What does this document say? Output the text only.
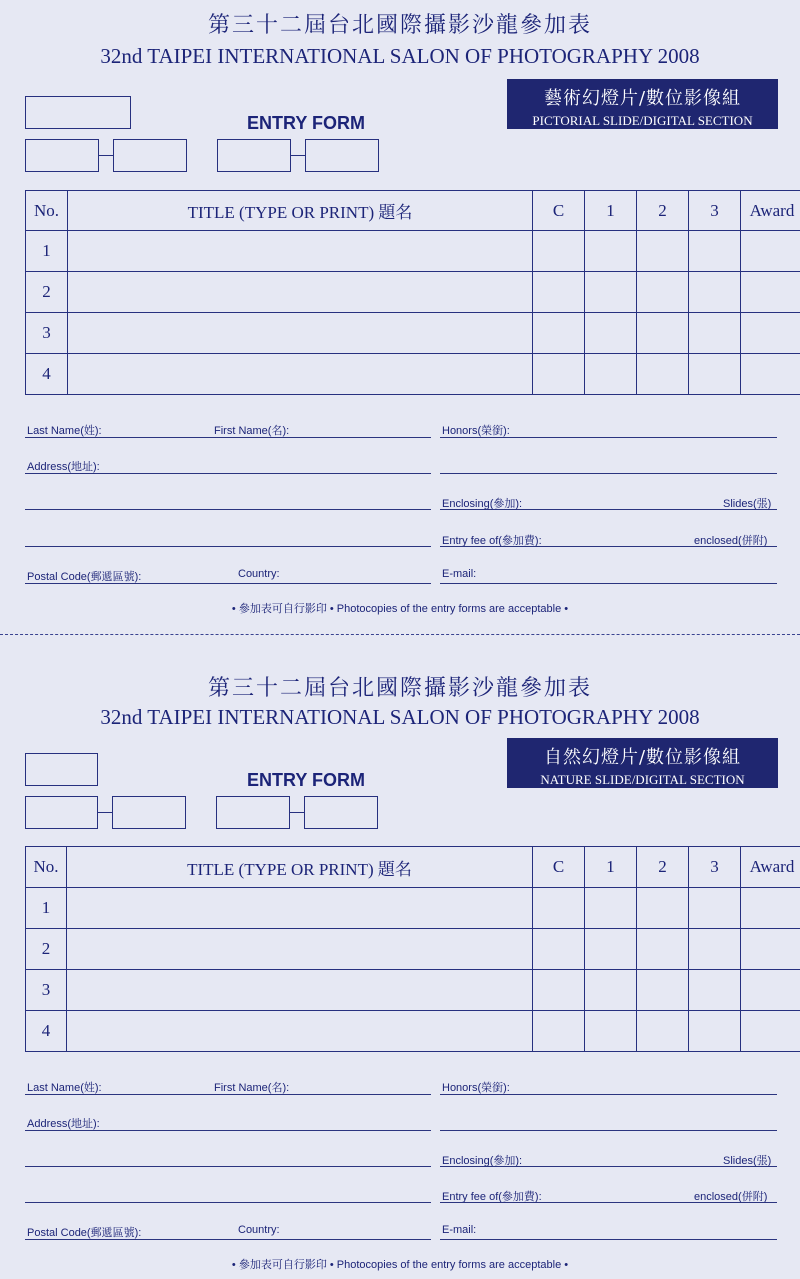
第三十二屆台北國際攝影沙龍參加表
32nd TAIPEI INTERNATIONAL SALON OF PHOTOGRAPHY 2008
藝術幻燈片/數位影像組
PICTORIAL SLIDE/DIGITAL SECTION
ENTRY FORM
No.	TITLE (TYPE OR PRINT) 題名	C	1	2	3	Award
1						
2						
3						
4						
Last Name(姓):	First Name(名):	Honors(榮銜):
Address(地址):
Enclosing(參加):	Slides(張)
Entry fee of(參加費):	enclosed(併附)
Postal Code(郵遞區號):	Country:	E-mail:
• 參加表可自行影印 • Photocopies of the entry forms are acceptable •
第三十二屆台北國際攝影沙龍參加表
32nd TAIPEI INTERNATIONAL SALON OF PHOTOGRAPHY 2008
自然幻燈片/數位影像組
NATURE SLIDE/DIGITAL SECTION
ENTRY FORM
No.	TITLE (TYPE OR PRINT) 題名	C	1	2	3	Award
1						
2						
3						
4						
Last Name(姓):	First Name(名):	Honors(榮銜):
Address(地址):
Enclosing(參加):	Slides(張)
Entry fee of(參加費):	enclosed(併附)
Postal Code(郵遞區號):	Country:	E-mail:
• 參加表可自行影印 • Photocopies of the entry forms are acceptable •
